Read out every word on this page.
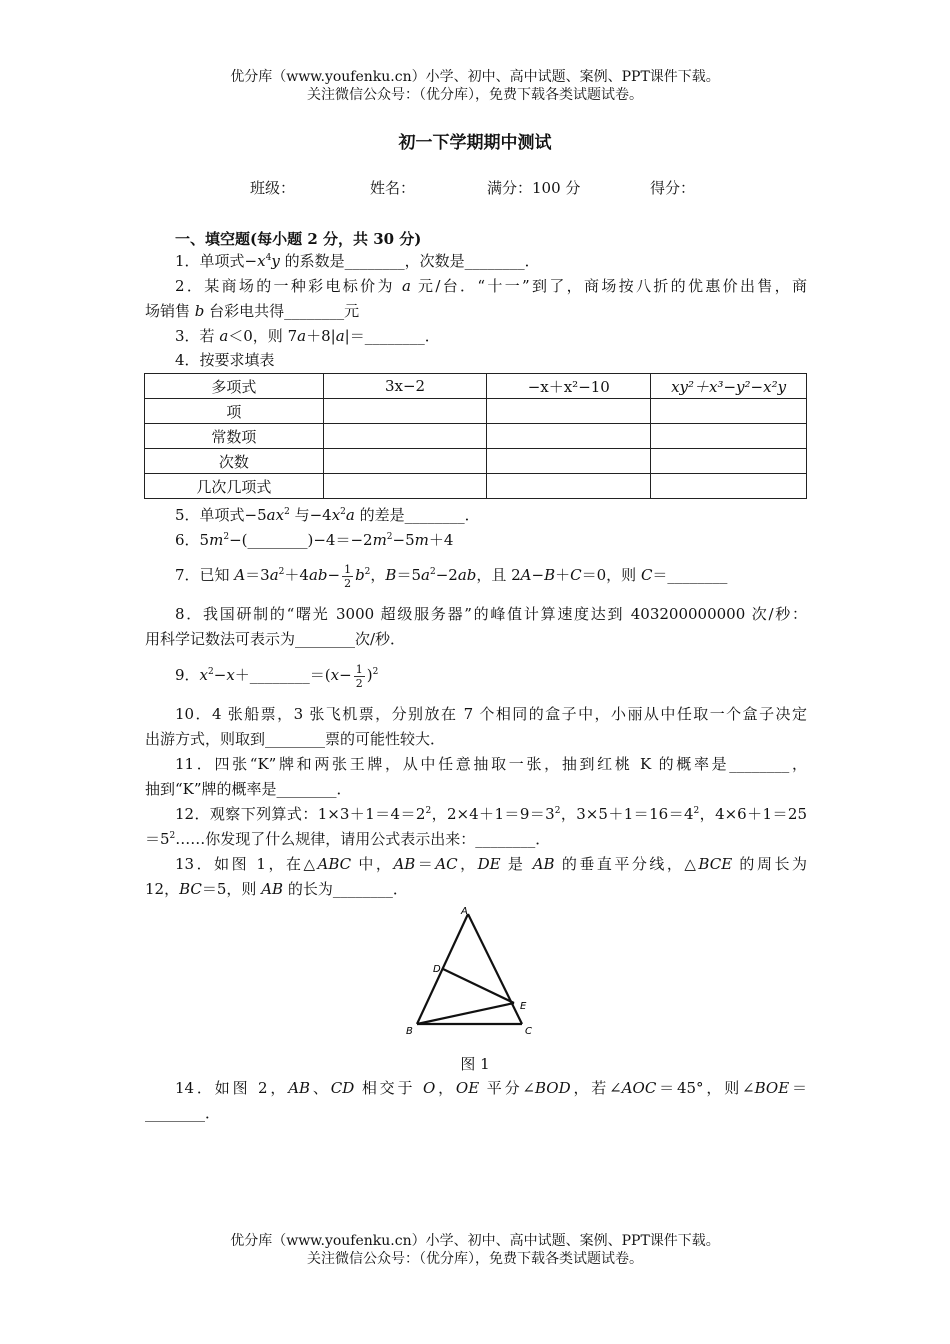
优分库（www.youfenku.cn）小学、初中、高中试题、案例、PPT课件下载。
关注微信公众号：（优分库），免费下载各类试题试卷。
初一下学期期中测试
班级：	姓名：	满分：100 分	得分：
一、填空题(每小题 2 分，共 30 分)
1．单项式$-x^4y$ 的系数是________，次数是________．
2．某商场的一种彩电标价为 a 元/台．“十一”到了，商场按八折的优惠价出售，商
场销售 b 台彩电共得________元
3．若 a＜0，则 7a＋8|a|＝________．
4．按要求填表
多项式	3x−2	−x＋x²−10	xy²＋x³−y²−x²y
项			
常数项			
次数			
几次几项式			
5．单项式$-5ax^2$ 与$-4x^2a$ 的差是________．
6．$5m^2-(\_\_\_\_\_\_\_\_)-4=-2m^2-5m+4$
7．已知 $A=3a^2+4ab- \frac{1}{2} b^2$，$B=5a^2-2ab$，且 2A−B＋C＝0，则 C＝________
8．我国研制的“曙光 3000 超级服务器”的峰值计算速度达到 403200000000 次/秒：
用科学记数法可表示为________次/秒．
9．$x^2-x+\_\_\_\_\_\_\_\_=(x- \frac{1}{2} )^2$
10．4 张船票，3 张飞机票，分别放在 7 个相同的盒子中，小丽从中任取一个盒子决定
出游方式，则取到________票的可能性较大．
11．四张“K”牌和两张王牌，从中任意抽取一张，抽到红桃 K 的概率是________，
抽到“K”牌的概率是________．
12．观察下列算式：$1\times 3+1=4=2^2$，$2\times 4+1=9=3^2$，$3\times 5+1=16=4^2$，4×6＋1＝25
$=5^2\dots\dots$你发现了什么规律，请用公式表示出来：________．
13．如图 1，在△ABC 中，AB＝AC，DE 是 AB 的垂直平分线，△BCE 的周长为
12，BC＝5，则 AB 的长为________．
A
D
E
B	C
图 1
14．如图 2，AB、CD 相交于 O，OE 平分∠BOD，若∠AOC＝45°，则∠BOE＝
________．
优分库（www.youfenku.cn）小学、初中、高中试题、案例、PPT课件下载。
关注微信公众号：（优分库），免费下载各类试题试卷。
